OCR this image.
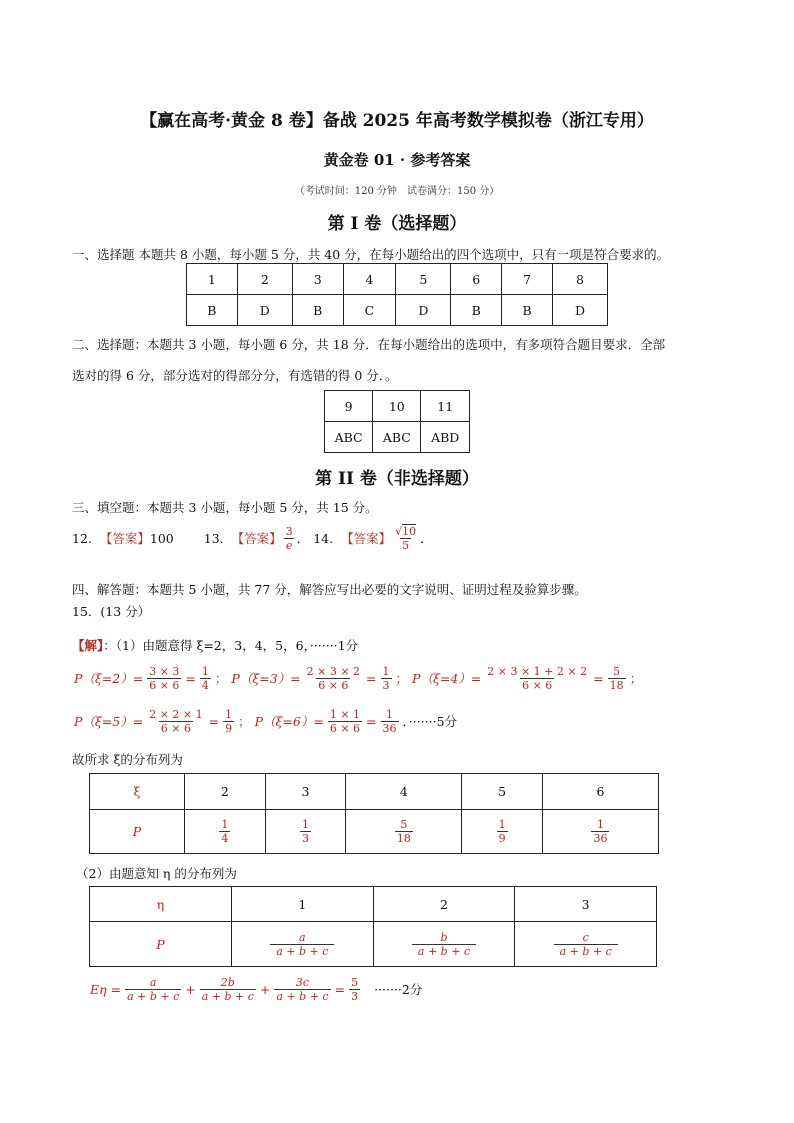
【赢在高考·黄金 8 卷】备战 2025 年高考数学模拟卷（浙江专用）
黄金卷 01 · 参考答案
（考试时间：120 分钟　试卷满分：150 分）
第 I 卷（选择题）
一、选择题 本题共 8 小题，每小题 5 分，共 40 分，在每小题给出的四个选项中，只有一项是符合要求的。
1	2	3	4	5	6	7	8
B	D	B	C	D	B	B	D
二、选择题：本题共 3 小题，每小题 6 分，共 18 分．在每小题给出的选项中，有多项符合题目要求．全部
选对的得 6 分，部分选对的得部分分，有选错的得 0 分．。
9	10	11
ABC	ABC	ABD
第 II 卷（非选择题）
三、填空题：本题共 3 小题，每小题 5 分，共 15 分。
12. 【答案】 100 13. 【答案】 $\frac{3}{e}$ ． 14. 【答案】 $\frac{√10}{5}$ ．
四、解答题：本题共 5 小题，共 77 分，解答应写出必要的文字说明、证明过程及验算步骤。
15．(13 分）
【解】：（1）由题意得 ξ=2，3，4，5，6，·······1分
$P(\xi=2)= \frac{3 \times 3}{6 \times 6} = \frac{1}{4}$ ； $P(\xi=3)= \frac{2 \times 3 \times 2}{6 \times 6} = \frac{1}{3}$ ； $P(\xi=4)= \frac{2 \times 3 \times 1 + 2 \times 2}{6 \times 6} = \frac{5}{18}$ ；
$P(\xi=5)= \frac{2 \times 2 \times 1}{6 \times 6} = \frac{1}{9}$ ； $P(\xi=6)= \frac{1 \times 1}{6 \times 6} = \frac{1}{36}$ ．·······5分
故所求 ξ的分布列为
ξ	2	3	4	5	6
P	$\frac{1}{4}$	$\frac{1}{3}$	$\frac{5}{18}$	$\frac{1}{9}$	$\frac{1}{36}$
（2）由题意知 η 的分布列为
η	1	2	3
P	$\frac{a}{a + b + c}$	$\frac{b}{a + b + c}$	$\frac{c}{a + b + c}$
$E\eta = \frac{a}{a + b + c} + \frac{2b}{a + b + c} + \frac{3c}{a + b + c} = \frac{5}{3} \cdot\cdot\cdot\cdot\cdot\cdot\cdot 2$分
